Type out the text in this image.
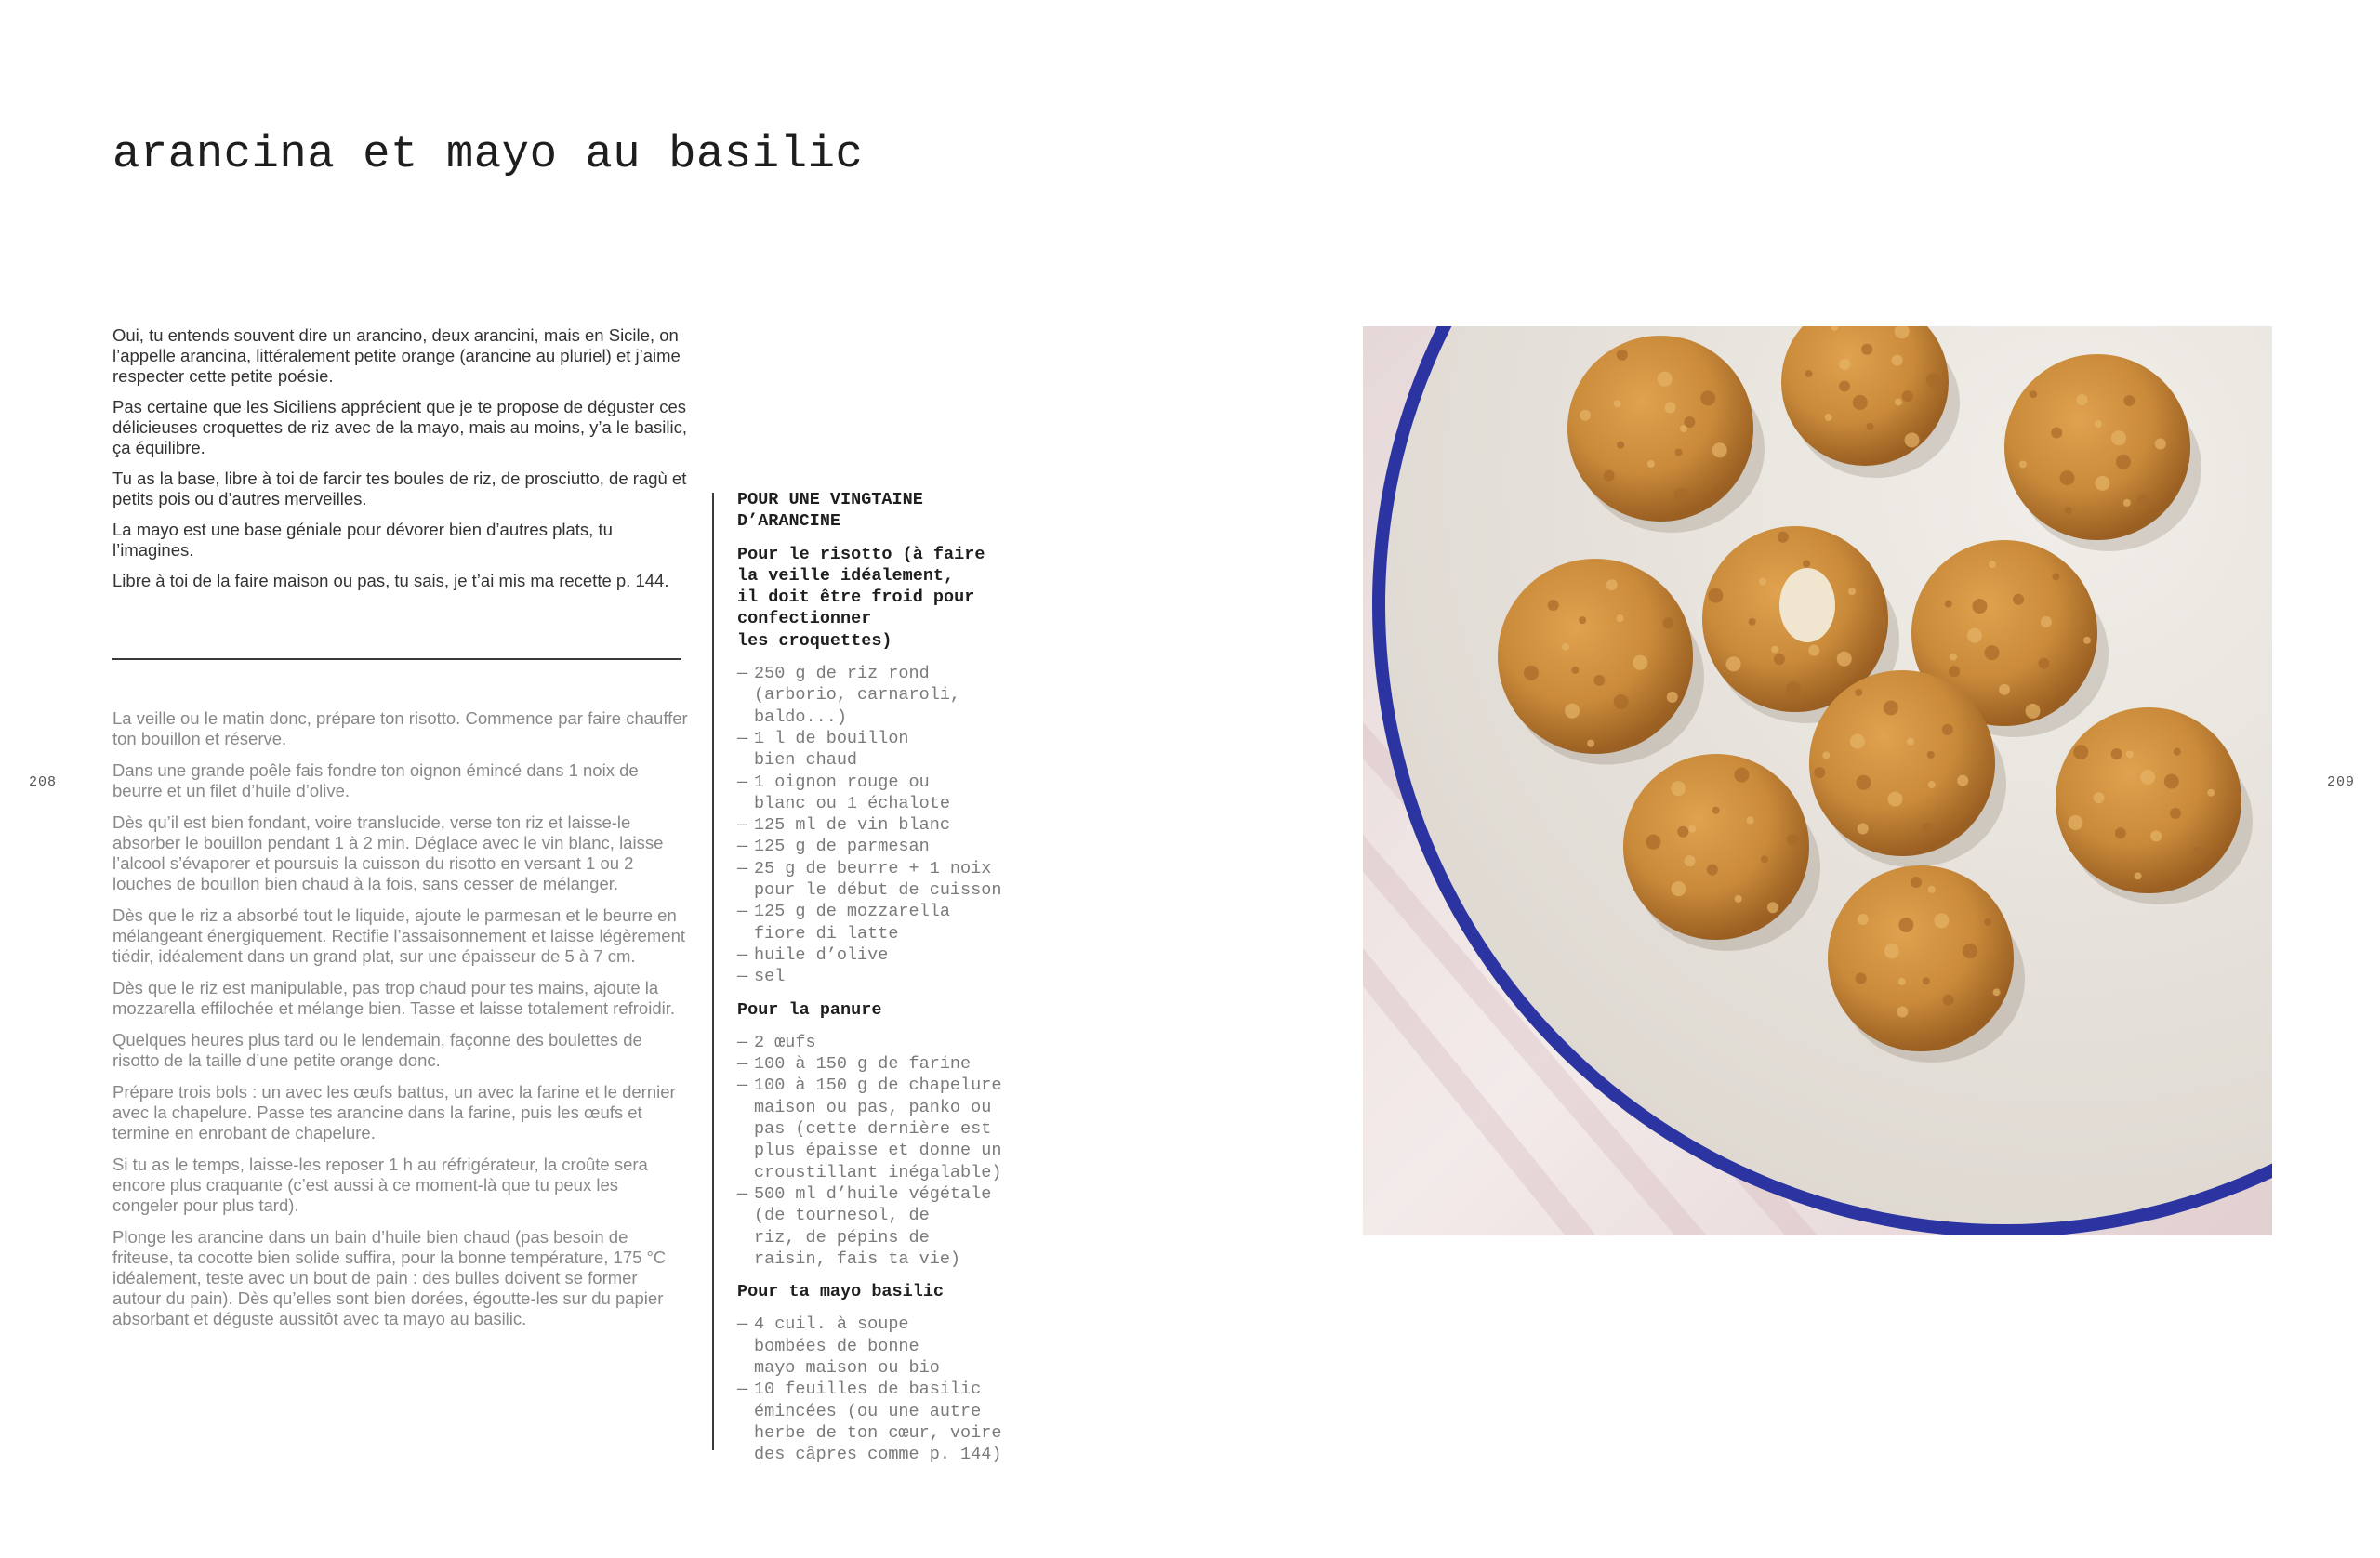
arancina et mayo au basilic
208	209

Oui, tu entends souvent dire un arancino, deux arancini, mais en Sicile, on l’appelle arancina, littéralement petite orange (arancine au pluriel) et j’aime respecter cette petite poésie.

Pas certaine que les Siciliens apprécient que je te propose de déguster ces délicieuses croquettes de riz avec de la mayo, mais au moins, y’a le basilic, ça équilibre.

Tu as la base, libre à toi de farcir tes boules de riz, de prosciutto, de ragù et petits pois ou d’autres merveilles.

La mayo est une base géniale pour dévorer bien d’autres plats, tu l’imagines.

Libre à toi de la faire maison ou pas, tu sais, je t’ai mis ma recette p. 144.

La veille ou le matin donc, prépare ton risotto. Commence par faire chauffer ton bouillon et réserve.

Dans une grande poêle fais fondre ton oignon émincé dans 1 noix de beurre et un filet d’huile d’olive.

Dès qu’il est bien fondant, voire translucide, verse ton riz et laisse-le absorber le bouillon pendant 1 à 2 min. Déglace avec le vin blanc, laisse l’alcool s’évaporer et poursuis la cuisson du risotto en versant 1 ou 2 louches de bouillon bien chaud à la fois, sans cesser de mélanger.

Dès que le riz a absorbé tout le liquide, ajoute le parmesan et le beurre en mélangeant énergiquement. Rectifie l’assaisonnement et laisse légèrement tiédir, idéalement dans un grand plat, sur une épaisseur de 5 à 7 cm.

Dès que le riz est manipulable, pas trop chaud pour tes mains, ajoute la mozzarella effilochée et mélange bien. Tasse et laisse totalement refroidir.

Quelques heures plus tard ou le lendemain, façonne des boulettes de risotto de la taille d’une petite orange donc.

Prépare trois bols : un avec les œufs battus, un avec la farine et le dernier avec la chapelure. Passe tes arancine dans la farine, puis les œufs et termine en enrobant de chapelure.

Si tu as le temps, laisse-les reposer 1 h au réfrigérateur, la croûte sera encore plus craquante (c’est aussi à ce moment-là que tu peux les congeler pour plus tard).

Plonge les arancine dans un bain d’huile bien chaud (pas besoin de friteuse, ta cocotte bien solide suffira, pour la bonne température, 175 °C idéalement, teste avec un bout de pain : des bulles doivent se former autour du pain). Dès qu’elles sont bien dorées, égoutte-les sur du papier absorbant et déguste aussitôt avec ta mayo au basilic.

POUR UNE VINGTAINE
D’ARANCINE
Pour le risotto (à faire
la veille idéalement,
il doit être froid pour
confectionner
les croquettes)
— 250 g de riz rond
(arborio, carnaroli,
baldo...)
— 1 l de bouillon
bien chaud
— 1 oignon rouge ou
blanc ou 1 échalote
— 125 ml de vin blanc
— 125 g de parmesan
— 25 g de beurre + 1 noix
pour le début de cuisson
— 125 g de mozzarella
fiore di latte
— huile d’olive
— sel
Pour la panure
— 2 œufs
— 100 à 150 g de farine
— 100 à 150 g de chapelure
maison ou pas, panko ou
pas (cette dernière est
plus épaisse et donne un
croustillant inégalable)
— 500 ml d’huile végétale
(de tournesol, de
riz, de pépins de
raisin, fais ta vie)
Pour ta mayo basilic
— 4 cuil. à soupe
bombées de bonne
mayo maison ou bio
— 10 feuilles de basilic
émincées (ou une autre
herbe de ton cœur, voire
des câpres comme p. 144)
